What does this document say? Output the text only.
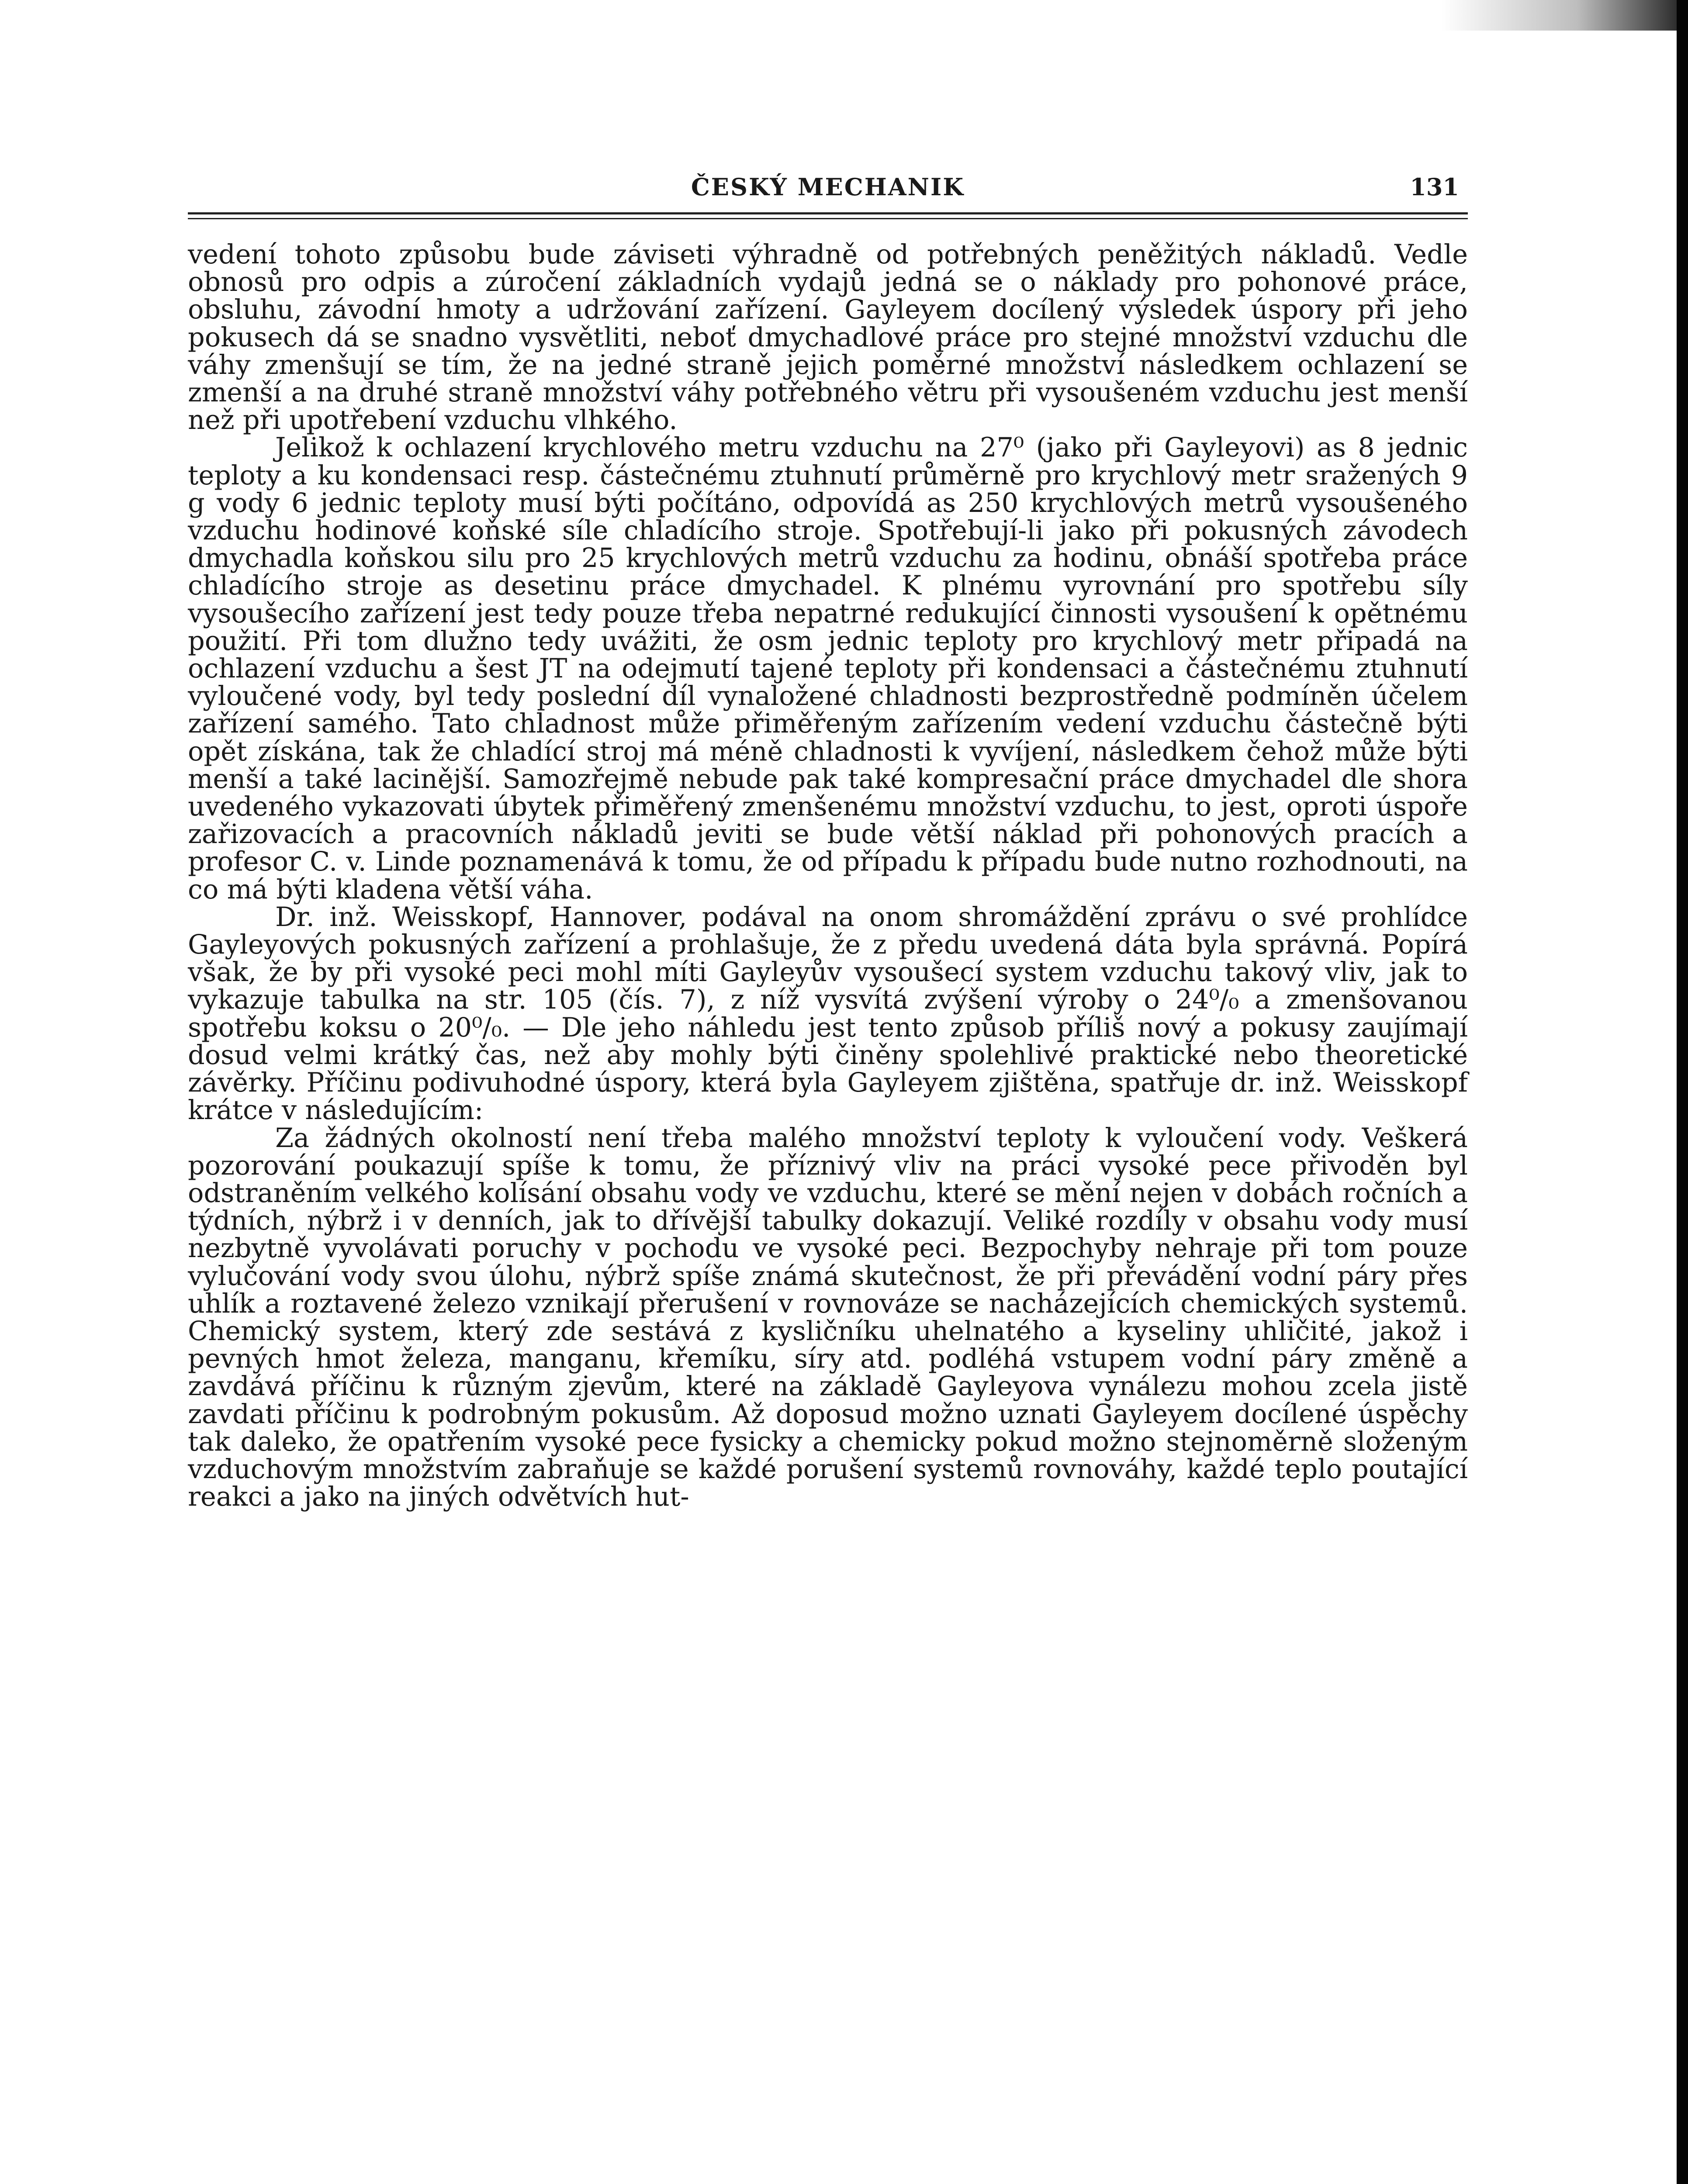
ČESKÝ MECHANIK	131

vedení tohoto způsobu bude záviseti výhradně od potřebných peněžitých nákladů. Vedle obnosů pro odpis a zúročení základních vydajů jedná se o náklady pro pohonové práce, obsluhu, závodní hmoty a udržování zařízení. Gayleyem docílený výsledek úspory při jeho pokusech dá se snadno vysvětliti, neboť dmychadlové práce pro stejné množství vzduchu dle váhy zmenšují se tím, že na jedné straně jejich poměrné množství následkem ochlazení se zmenší a na druhé straně množství váhy potřebného větru při vysoušeném vzduchu jest menší než při upotřebení vzduchu vlhkého.

Jelikož k ochlazení krychlového metru vzduchu na 27⁰ (jako při Gayleyovi) as 8 jednic teploty a ku kondensaci resp. částečnému ztuhnutí průměrně pro krychlový metr sražených 9 g vody 6 jednic teploty musí býti počítáno, odpovídá as 250 krychlových metrů vysoušeného vzduchu hodinové koňské síle chladícího stroje. Spotřebují-li jako při pokusných závodech dmychadla koňskou silu pro 25 krychlových metrů vzduchu za hodinu, obnáší spotřeba práce chladícího stroje as desetinu práce dmychadel. K plnému vyrovnání pro spotřebu síly vysoušecího zařízení jest tedy pouze třeba nepatrné redukující činnosti vysoušení k opětnému použití. Při tom dlužno tedy uvážiti, že osm jednic teploty pro krychlový metr připadá na ochlazení vzduchu a šest JT na odejmutí tajené teploty při kondensaci a částečnému ztuhnutí vyloučené vody, byl tedy poslední díl vynaložené chladnosti bezprostředně podmíněn účelem zařízení samého. Tato chladnost může přiměřeným zařízením vedení vzduchu částečně býti opět získána, tak že chladící stroj má méně chladnosti k vyvíjení, následkem čehož může býti menší a také lacinější. Samozřejmě nebude pak také kompresační práce dmychadel dle shora uvedeného vykazovati úbytek přiměřený zmenšenému množství vzduchu, to jest, oproti úspoře zařizovacích a pracovních nákladů jeviti se bude větší náklad při pohonových pracích a profesor C. v. Linde poznamenává k tomu, že od případu k případu bude nutno rozhodnouti, na co má býti kladena větší váha.

Dr. inž. Weisskopf, Hannover, podával na onom shromáždění zprávu o své prohlídce Gayleyových pokusných zařízení a prohlašuje, že z předu uvedená dáta byla správná. Popírá však, že by při vysoké peci mohl míti Gayleyův vysoušecí system vzduchu takový vliv, jak to vykazuje tabulka na str. 105 (čís. 7), z níž vysvítá zvýšení výroby o 24⁰/₀ a zmenšovanou spotřebu koksu o 20⁰/₀. — Dle jeho náhledu jest tento způsob příliš nový a pokusy zaujímají dosud velmi krátký čas, než aby mohly býti činěny spolehlivé praktické nebo theoretické závěrky. Příčinu podivuhodné úspory, která byla Gayleyem zjištěna, spatřuje dr. inž. Weisskopf krátce v následujícím:

Za žádných okolností není třeba malého množství teploty k vyloučení vody. Veškerá pozorování poukazují spíše k tomu, že příznivý vliv na práci vysoké pece přivoděn byl odstraněním velkého kolísání obsahu vody ve vzduchu, které se mění nejen v dobách ročních a týdních, nýbrž i v denních, jak to dřívější tabulky dokazují. Veliké rozdíly v obsahu vody musí nezbytně vyvolávati poruchy v pochodu ve vysoké peci. Bezpochyby nehraje při tom pouze vylučování vody svou úlohu, nýbrž spíše známá skutečnost, že při převádění vodní páry přes uhlík a roztavené železo vznikají přerušení v rovnováze se nacházejících chemických systemů. Chemický system, který zde sestává z kysličníku uhelnatého a kyseliny uhličité, jakož i pevných hmot železa, manganu, křemíku, síry atd. podléhá vstupem vodní páry změně a zavdává příčinu k různým zjevům, které na základě Gayleyova vynálezu mohou zcela jistě zavdati příčinu k podrobným pokusům. Až doposud možno uznati Gayleyem docílené úspěchy tak daleko, že opatřením vysoké pece fysicky a chemicky pokud možno stejnoměrně složeným vzduchovým množstvím zabraňuje se každé porušení systemů rovnováhy, každé teplo poutající reakci a jako na jiných odvětvích hut-
